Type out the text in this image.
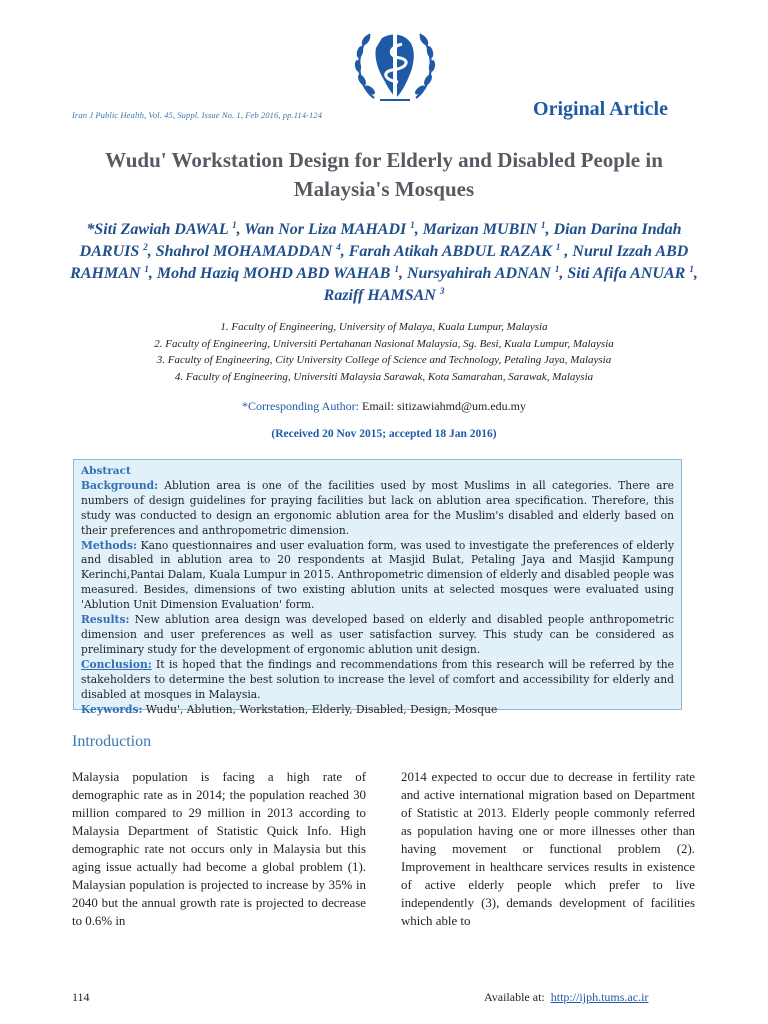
Iran J Public Health, Vol. 45, Suppl. Issue No. 1, Feb 2016, pp.114-124	Original Article
Wudu' Workstation Design for Elderly and Disabled People in
Malaysia's Mosques
*Siti Zawiah DAWAL $^1$, Wan Nor Liza MAHADI $^1$, Marizan MUBIN $^1$, Dian Darina Indah DARUIS $^2$, Shahrol MOHAMADDAN $^4$, Farah Atikah ABDUL RAZAK $^1$ , Nurul Izzah ABD RAHMAN $^1$, Mohd Haziq MOHD ABD WAHAB $^1$, Nursyahirah ADNAN $^1$, Siti Afifa ANUAR $^1$, Raziff HAMSAN $^3$
1. Faculty of Engineering, University of Malaya, Kuala Lumpur, Malaysia
2. Faculty of Engineering, Universiti Pertahanan Nasional Malaysia, Sg. Besi, Kuala Lumpur, Malaysia
3. Faculty of Engineering, City University College of Science and Technology, Petaling Jaya, Malaysia
4. Faculty of Engineering, Universiti Malaysia Sarawak, Kota Samarahan, Sarawak, Malaysia
*Corresponding Author: Email: sitizawiahmd@um.edu.my
(Received 20 Nov 2015; accepted 18 Jan 2016)
Abstract

Background: Ablution area is one of the facilities used by most Muslims in all categories. There are numbers of design guidelines for praying facilities but lack on ablution area specification. Therefore, this study was conducted to design an ergonomic ablution area for the Muslim's disabled and elderly based on their preferences and anthropometric dimension.

Methods: Kano questionnaires and user evaluation form, was used to investigate the preferences of elderly and disabled in ablution area to 20 respondents at Masjid Bulat, Petaling Jaya and Masjid Kampung Kerinchi,Pantai Dalam, Kuala Lumpur in 2015. Anthropometric dimension of elderly and disabled people was measured. Besides, dimensions of two existing ablution units at selected mosques were evaluated using 'Ablution Unit Dimension Evaluation' form.

Results: New ablution area design was developed based on elderly and disabled people anthropometric dimension and user preferences as well as user satisfaction survey. This study can be considered as preliminary study for the development of ergonomic ablution unit design.

Conclusion: It is hoped that the findings and recommendations from this research will be referred by the stakeholders to determine the best solution to increase the level of comfort and accessibility for elderly and disabled at mosques in Malaysia.

Keywords: Wudu', Ablution, Workstation, Elderly, Disabled, Design, Mosque

Introduction
Malaysia population is facing a high rate of demographic rate as in 2014; the population reached 30 million compared to 29 million in 2013 according to Malaysia Department of Statistic Quick Info. High demographic rate not occurs only in Malaysia but this aging issue actually had become a global problem (1). Malaysian population is projected to increase by 35% in 2040 but the annual growth rate is projected to decrease to 0.6% in
2014 expected to occur due to decrease in fertility rate and active international migration based on Department of Statistic at 2013. Elderly people commonly referred as population having one or more illnesses other than having movement or functional problem (2). Improvement in healthcare services results in existence of active elderly people which prefer to live independently (3), demands development of facilities which able to
114	Available at: http://ijph.tums.ac.ir
